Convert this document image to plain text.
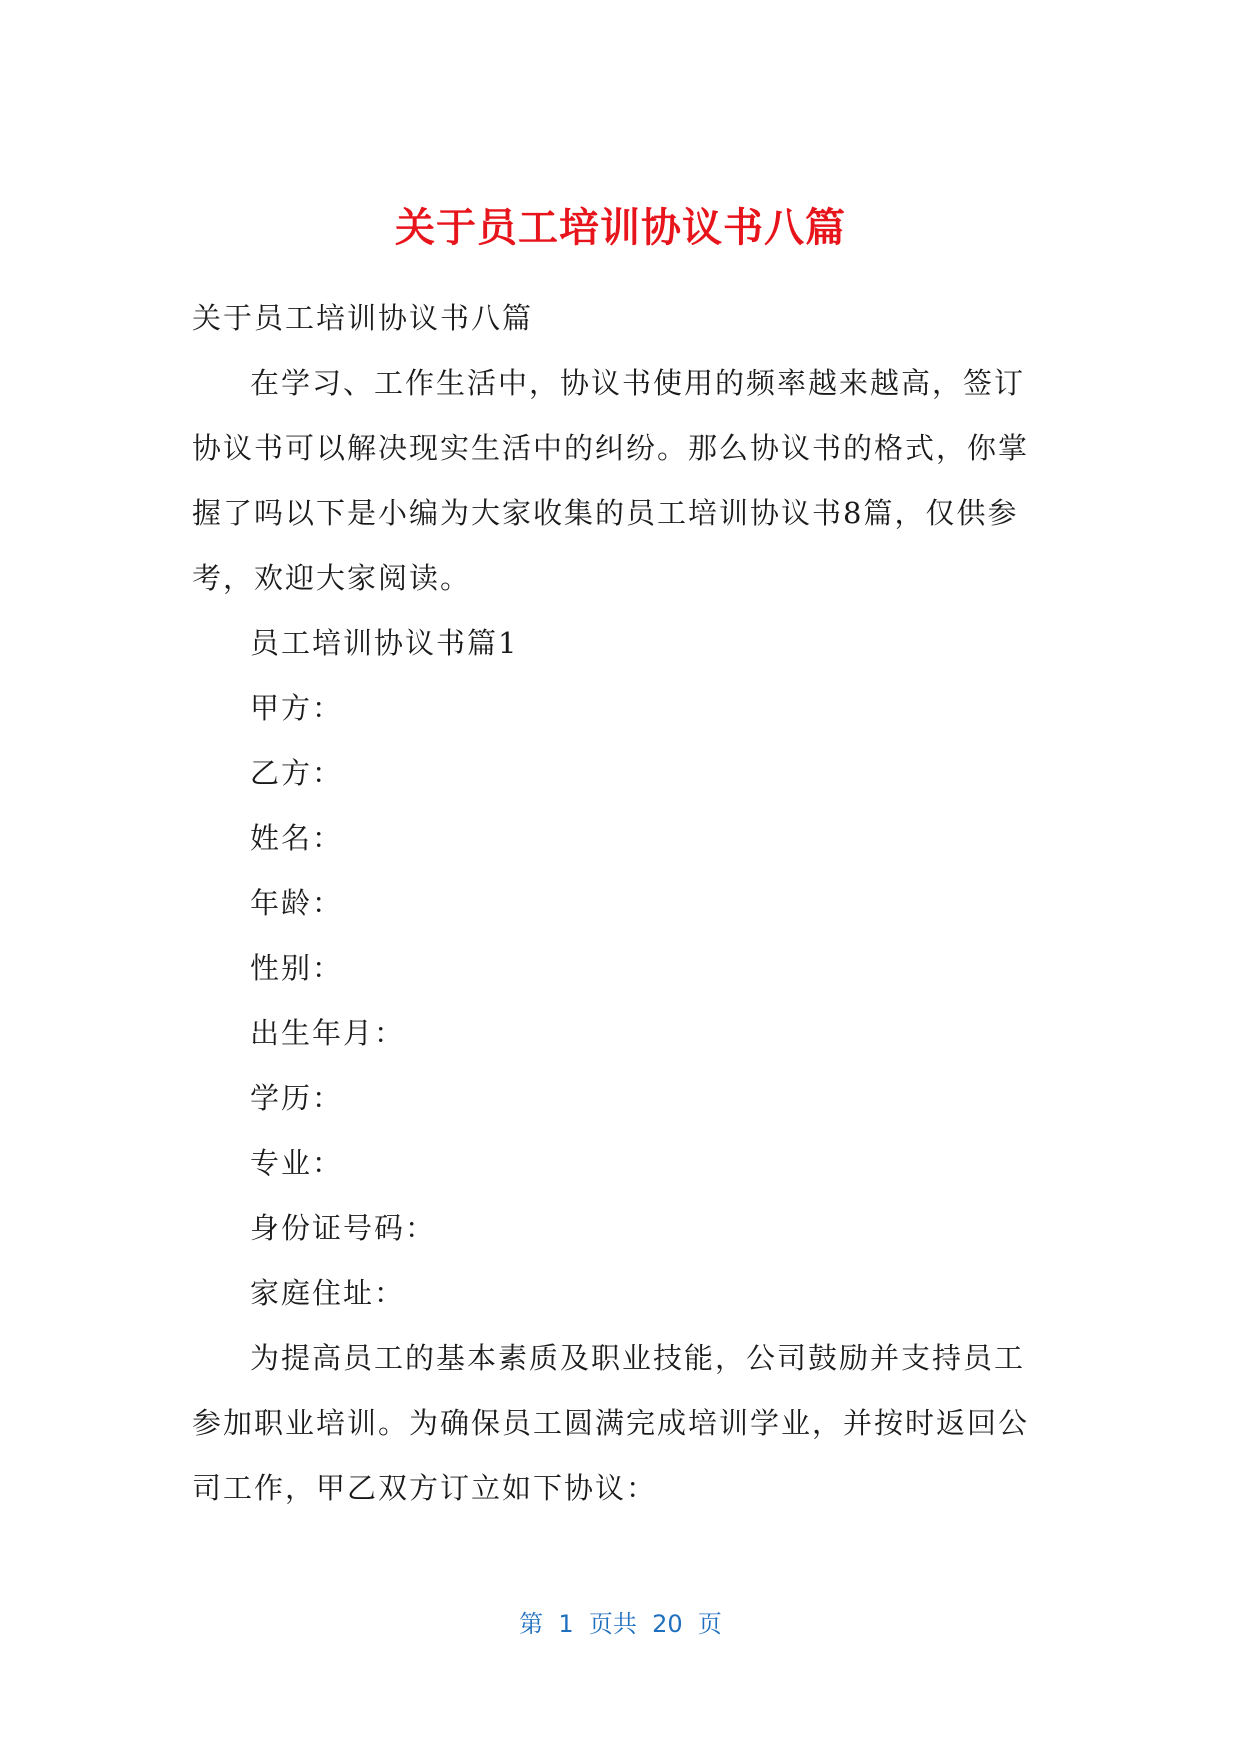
关于员工培训协议书八篇

关于员工培训协议书八篇

在学习、工作生活中，协议书使用的频率越来越高，签订协议书可以解决现实生活中的纠纷。那么协议书的格式，你掌握了吗以下是小编为大家收集的员工培训协议书8篇，仅供参考，欢迎大家阅读。

员工培训协议书篇1

甲方：

乙方：

姓名：

年龄：

性别：

出生年月：

学历：

专业：

身份证号码：

家庭住址：

为提高员工的基本素质及职业技能，公司鼓励并支持员工参加职业培训。为确保员工圆满完成培训学业，并按时返回公司工作，甲乙双方订立如下协议：

第  1  页共  20  页
